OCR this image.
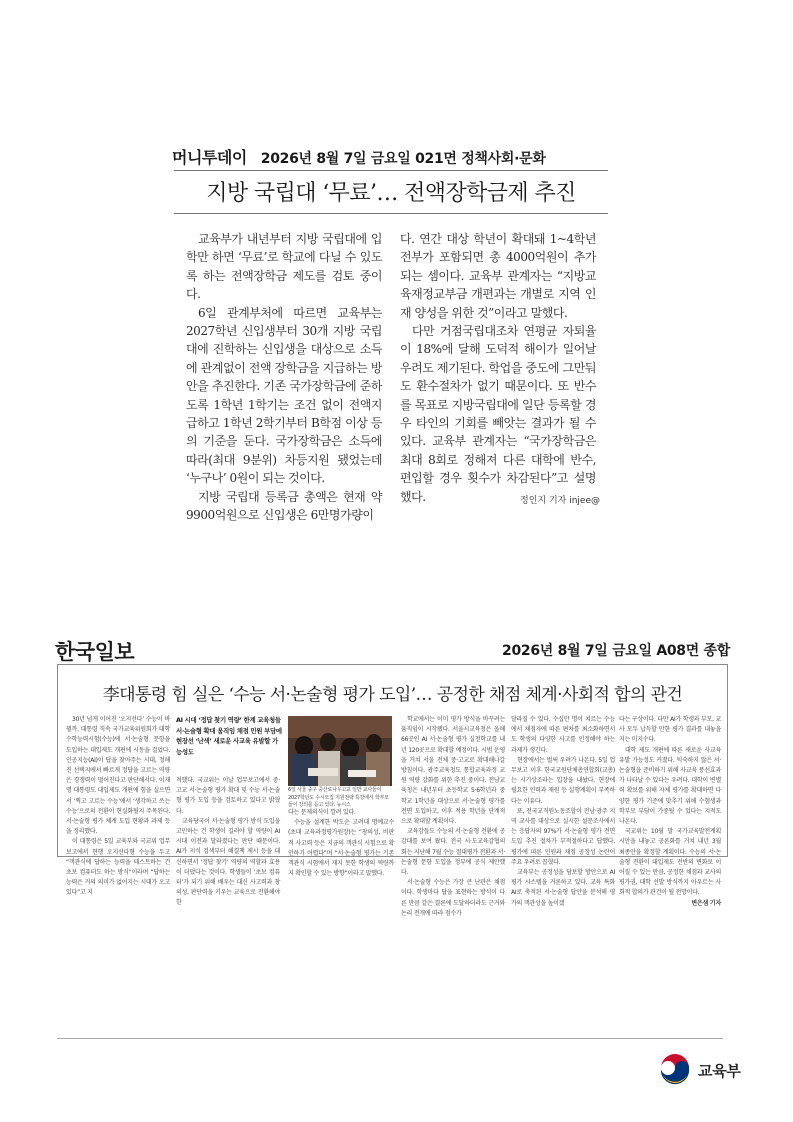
머니투데이 2026년 8월 7일 금요일 021면 정책사회·문화
지방 국립대 ‘무료’… 전액장학금제 추진

교육부가 내년부터 지방 국립대에 입학만 하면 ‘무료’로 학교에 다닐 수 있도록 하는 전액장학금 제도를 검토 중이다.

6일 관계부처에 따르면 교육부는 2027학년 신입생부터 30개 지방 국립대에 진학하는 신입생을 대상으로 소득에 관계없이 전액 장학금을 지급하는 방안을 추진한다. 기존 국가장학금에 준하도록 1학년 1학기는 조건 없이 전액지급하고 1학년 2학기부터 B학점 이상 등의 기준을 둔다. 국가장학금은 소득에 따라(최대 9분위) 차등지원 됐었는데 ‘누구나’ 0원이 되는 것이다.

지방 국립대 등록금 총액은 현재 약 9900억원으로 신입생은 6만명가량이

다. 연간 대상 학년이 확대돼 1~4학년 전부가 포함되면 총 4000억원이 추가되는 셈이다. 교육부 관계자는 “지방교육재정교부금 개편과는 개별로 지역 인재 양성을 위한 것”이라고 말했다.

다만 거점국립대조차 연평균 자퇴율이 18%에 달해 도덕적 해이가 일어날 우려도 제기된다. 학업을 중도에 그만둬도 환수절차가 없기 때문이다. 또 반수를 목표로 지방국립대에 일단 등록할 경우 타인의 기회를 빼앗는 결과가 될 수 있다. 교육부 관계자는 “국가장학금은 최대 8회로 정해져 다른 대학에 반수, 편입할 경우 횟수가 차감된다”고 설명했다.	정인지 기자 injee@
한국일보	2026년 8월 7일 금요일 A08면 종합
李대통령 힘 실은 ‘수능 서·논술형 평가 도입’… 공정한 채점 체계·사회적 합의 관건

30년 넘게 이어진 ‘오지선다’ 수능이 바뀔까. 대통령 직속 국가교육위원회가 대학수학능력시험(수능)에 서·논술형 문항을 도입하는 대입제도 개편에 시동을 걸었다. 인공지능(AI)이 답을 찾아주는 시대, 정해진 선택지에서 빠르게 정답을 고르는 역량은 경쟁력이 떨어진다고 판단해서다. 이재명 대통령도 대입제도 개편에 힘을 실으면서 ‘찍고 고르는 수능’에서 ‘생각하고 쓰는 수능’으로의 전환이 현실화될지 주목된다. 서·논술형 평가 체계 도입 현황과 과제 등을 정리했다.

이 대통령은 5일 교육부와 국교위 업무보고에서 현행 오지선다형 수능을 두고 “객관식에 답하는 능력을 테스트하는 건 초보 컴퓨터도 하는 방식”이라며 “답하는 능력은 거의 의미가 없어지는 시대가 오고 있다”고 지

AI 시대 ‘정답 찾기 역량’ 한계 교육청들 서·논술형 확대 움직임 채점 민원 부담에 현장선 ‘난색’ 새로운 사교육 유발할 가능성도

적했다. 국교위는 이날 업무보고에서 중·고교 서·논술형 평가 확대 및 수능 서·논술형 평가 도입 등을 검토하고 있다고 밝혔다.

교육당국이 서·논술형 평가 방식 도입을 고민하는 건 학생이 길러야 할 역량이 AI 시대 이전과 달라졌다는 판단 때문이다. AI가 지식 검색부터 해결책 제시 등을 대신하면서 ‘정답 찾기’ 역량의 역할과 효용이 더뎠다는 것이다. 학생들이 ‘초보 컴퓨터’가 되기 위해 배우는 대신 사고력과 창의성, 판단력을 키우는 교육으로 전환해야 한

6일 서울 중구 중산로나우고교 일반 교사들이 2027학년도 수시모집 지원전략 특강에서 학부모들이 강의를 듣고 있다. 뉴시스

다는 문제의식이 깔려 있다.

수능을 설계한 박도순 고려대 명예교수(초대 교육과정평가원장)는 “창의성, 비판적 사고력 등은 지금의 객관식 시험으로 확인하기 어렵다”며 “서·논술형 평가는 기존 객관식 시험에서 재지 못한 학생의 역량까지 확인할 수 있는 방향”이라고 말했다.

학교에서는 이미 평가 방식을 바꾸려는 움직임이 시작됐다. 서울시교육청은 올해 66곳인 AI 서·논술형 평가 실천학교를 내년 120곳으로 확대할 예정이다. 시범 운영을 거쳐 서울 전체 중·고교로 확대해나갈 방침이다. 광주교육청도 통합교육과정 교원 역량 강화를 위한 추진 중이다. 전남교육청은 내년부터 초등학교 5·6학년과 중학교 1학년을 대상으로 서·논술형 평가를 전면 도입하고, 이후 적용 학년을 단계적으로 확대할 계획이다.

교육감들도 수능의 서·논술형 전환에 공감대를 보여 왔다. 전국 시·도교육감협의회는 지난해 7월 수능 절대평가 전환과 서·논술형 문항 도입을 정부에 공식 제안했다.

서·논술형 수능은 가장 큰 난관은 채점이다. 학생마다 답을 표현하는 방식이 다른 만큼 같은 결론에 도달하더라도 근거와 논리 전개에 따라 점수가

달라질 수 있다. 수십만 명이 치르는 수능에서 채점자에 따른 편차를 최소화하면서도 학생의 다양한 사고를 인정해야 하는 과제가 생긴다.

현장에서는 벌써 우려가 나온다. 5일 업무보고 이후 한국교원단체총연합회(교총)는 시기상조라는 입장을 내놨다. 현장에 필요한 인력과 재원 등 실행계획이 부족하다는 이유다.

또, 전국교직원노동조합이 전남·광주 지역 교사를 대상으로 실시한 설문조사에서는 응답자의 97%가 서·논술형 평가 전면 도입 추진 절차가 부적절하다고 답했다. 평가에 따른 민원과 채점 공정성 논란이 주요 우려로 꼽혔다.

교육부는 공정성을 담보할 방안으로 AI 평가 시스템을 거론하고 있다. 교육 특화 AI로 축적된 서·논술형 답안을 분석해 평가의 객관성을 높이겠

다는 구상이다. 다만 AI가 학생과 부모, 교사 모두 납득할 만한 평가 결과를 내놓을지는 미지수다.

대학 제도 개편에 따른 새로운 사교육 유발 가능성도 커졌다. 익숙하지 않은 서·논술형을 준비하기 위해 사교육 풍선효과가 나타날 수 있다는 우려다. 대학이 변별력 확보를 위해 자체 평가를 확대하면 다양한 평가 기준에 맞추기 위해 수험생과 학부모 부담이 가중될 수 있다는 지적도 나온다.

국교위는 10월 말 국가교육발전계획 시안을 내놓고 공론화를 거쳐 내년 3월 최종안을 확정할 계획이다. 수능의 서·논술형 전환이 대입제도 전반의 변화로 이어질 수 있는 만큼, 공정한 채점과 교사의 평가권, 대학 선발 방식까지 아우르는 사회적 합의가 관건이 될 전망이다.

변은샘 기자

교육부
